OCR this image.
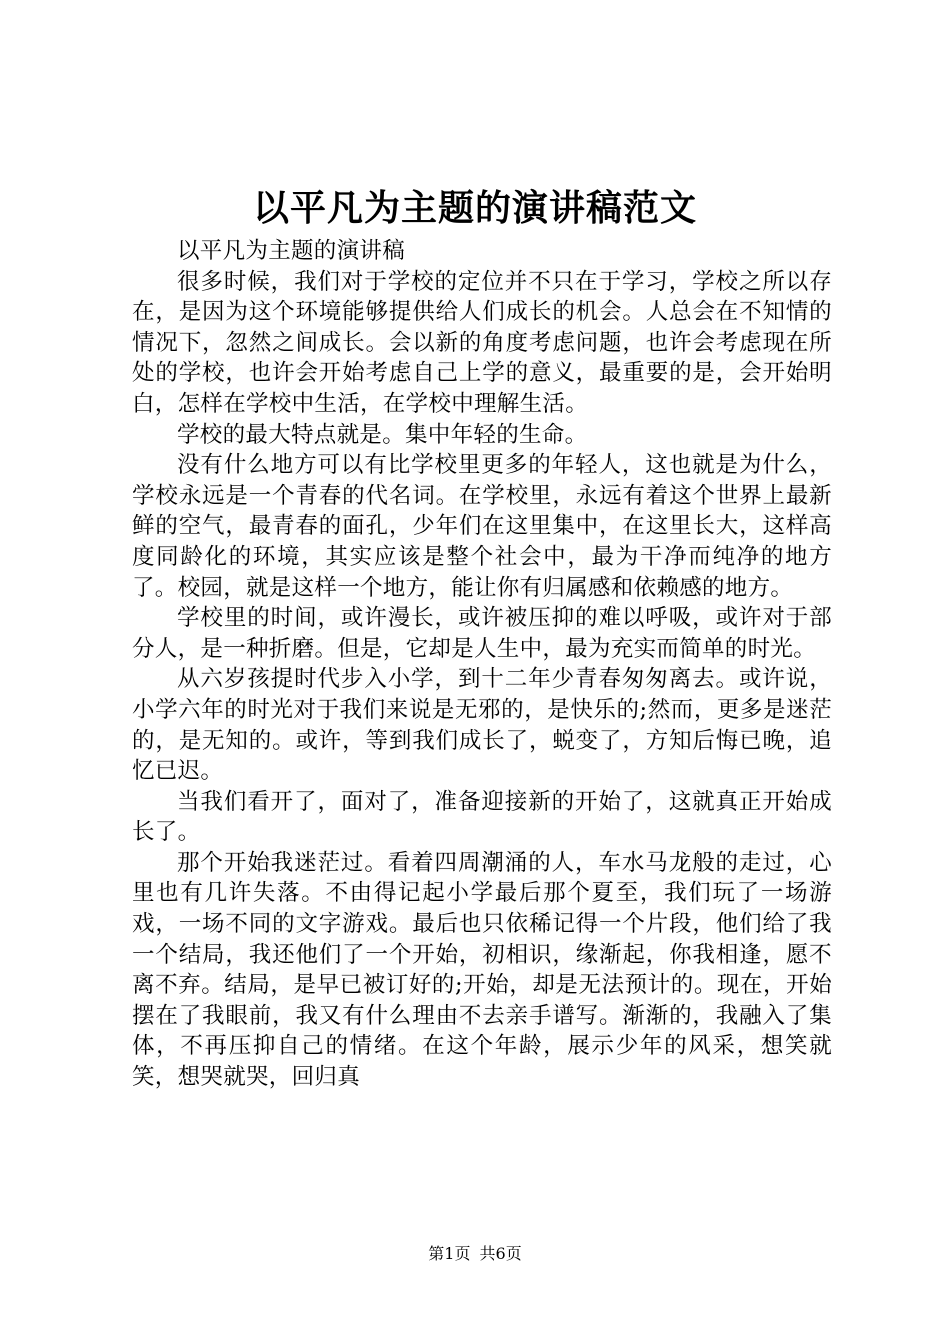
以平凡为主题的演讲稿范文

以平凡为主题的演讲稿

很多时候，我们对于学校的定位并不只在于学习，学校之所以存在，是因为这个环境能够提供给人们成长的机会。人总会在不知情的情况下，忽然之间成长。会以新的角度考虑问题，也许会考虑现在所处的学校，也许会开始考虑自己上学的意义，最重要的是，会开始明白，怎样在学校中生活，在学校中理解生活。

学校的最大特点就是。集中年轻的生命。

没有什么地方可以有比学校里更多的年轻人，这也就是为什么，学校永远是一个青春的代名词。在学校里，永远有着这个世界上最新鲜的空气，最青春的面孔，少年们在这里集中，在这里长大，这样高度同龄化的环境，其实应该是整个社会中，最为干净而纯净的地方了。校园，就是这样一个地方，能让你有归属感和依赖感的地方。

学校里的时间，或许漫长，或许被压抑的难以呼吸，或许对于部分人，是一种折磨。但是，它却是人生中，最为充实而简单的时光。

从六岁孩提时代步入小学，到十二年少青春匆匆离去。或许说，小学六年的时光对于我们来说是无邪的，是快乐的;然而，更多是迷茫的，是无知的。或许，等到我们成长了，蜕变了，方知后悔已晚，追忆已迟。

当我们看开了，面对了，准备迎接新的开始了，这就真正开始成长了。

那个开始我迷茫过。看着四周潮涌的人，车水马龙般的走过，心里也有几许失落。不由得记起小学最后那个夏至，我们玩了一场游戏，一场不同的文字游戏。最后也只依稀记得一个片段，他们给了我一个结局，我还他们了一个开始，初相识，缘渐起，你我相逢，愿不离不弃。结局，是早已被订好的;开始，却是无法预计的。现在，开始摆在了我眼前，我又有什么理由不去亲手谱写。渐渐的，我融入了集体，不再压抑自己的情绪。在这个年龄，展示少年的风采，想笑就笑，想哭就哭，回归真

第1页 共6页
